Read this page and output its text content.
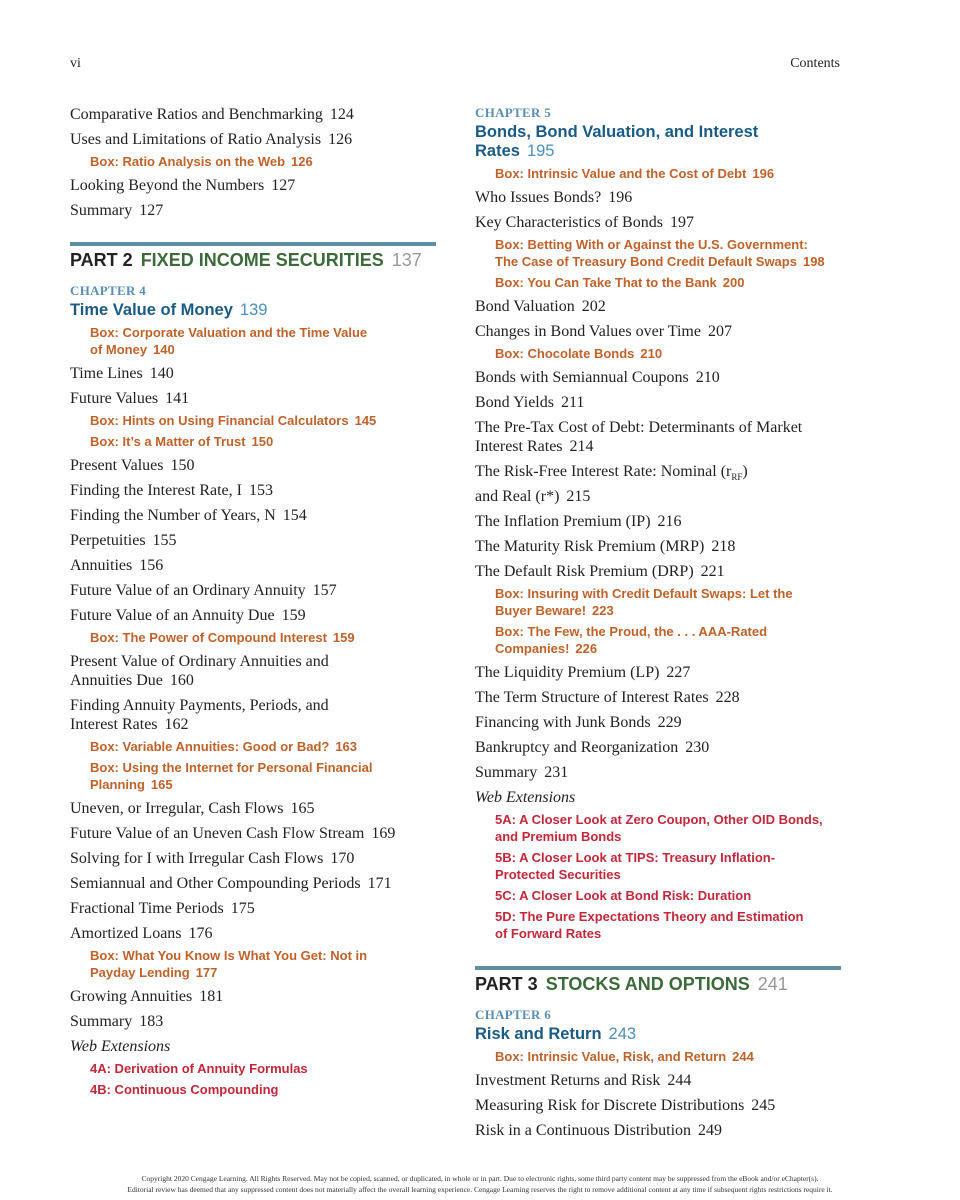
vi	Contents
Comparative Ratios and Benchmarking 124
Uses and Limitations of Ratio Analysis 126
Box: Ratio Analysis on the Web 126
Looking Beyond the Numbers 127
Summary 127
PART 2 FIXED INCOME SECURITIES 137
CHAPTER 4
Time Value of Money 139
Box: Corporate Valuation and the Time Value
of Money 140
Time Lines 140
Future Values 141
Box: Hints on Using Financial Calculators 145
Box: It’s a Matter of Trust 150
Present Values 150
Finding the Interest Rate, I 153
Finding the Number of Years, N 154
Perpetuities 155
Annuities 156
Future Value of an Ordinary Annuity 157
Future Value of an Annuity Due 159
Box: The Power of Compound Interest 159
Present Value of Ordinary Annuities and
Annuities Due 160
Finding Annuity Payments, Periods, and
Interest Rates 162
Box: Variable Annuities: Good or Bad? 163
Box: Using the Internet for Personal Financial
Planning 165
Uneven, or Irregular, Cash Flows 165
Future Value of an Uneven Cash Flow Stream 169
Solving for I with Irregular Cash Flows 170
Semiannual and Other Compounding Periods 171
Fractional Time Periods 175
Amortized Loans 176
Box: What You Know Is What You Get: Not in
Payday Lending 177
Growing Annuities 181
Summary 183
Web Extensions
4A: Derivation of Annuity Formulas
4B: Continuous Compounding
CHAPTER 5
Bonds, Bond Valuation, and Interest Rates 195
Box: Intrinsic Value and the Cost of Debt 196
Who Issues Bonds? 196
Key Characteristics of Bonds 197
Box: Betting With or Against the U.S. Government:
The Case of Treasury Bond Credit Default Swaps 198
Box: You Can Take That to the Bank 200
Bond Valuation 202
Changes in Bond Values over Time 207
Box: Chocolate Bonds 210
Bonds with Semiannual Coupons 210
Bond Yields 211
The Pre-Tax Cost of Debt: Determinants of Market
Interest Rates 214
The Risk-Free Interest Rate: Nominal $(r_{RF})$
and Real (r*) 215
The Inflation Premium (IP) 216
The Maturity Risk Premium (MRP) 218
The Default Risk Premium (DRP) 221
Box: Insuring with Credit Default Swaps: Let the
Buyer Beware! 223
Box: The Few, the Proud, the . . . AAA-Rated
Companies! 226
The Liquidity Premium (LP) 227
The Term Structure of Interest Rates 228
Financing with Junk Bonds 229
Bankruptcy and Reorganization 230
Summary 231
Web Extensions
5A: A Closer Look at Zero Coupon, Other OID Bonds,
and Premium Bonds
5B: A Closer Look at TIPS: Treasury Inflation-
Protected Securities
5C: A Closer Look at Bond Risk: Duration
5D: The Pure Expectations Theory and Estimation
of Forward Rates
PART 3 STOCKS AND OPTIONS 241
CHAPTER 6
Risk and Return 243
Box: Intrinsic Value, Risk, and Return 244
Investment Returns and Risk 244
Measuring Risk for Discrete Distributions 245
Risk in a Continuous Distribution 249
Copyright 2020 Cengage Learning. All Rights Reserved. May not be copied, scanned, or duplicated, in whole or in part. Due to electronic rights, some third party content may be suppressed from the eBook and/or eChapter(s).
Editorial review has deemed that any suppressed content does not materially affect the overall learning experience. Cengage Learning reserves the right to remove additional content at any time if subsequent rights restrictions require it.
